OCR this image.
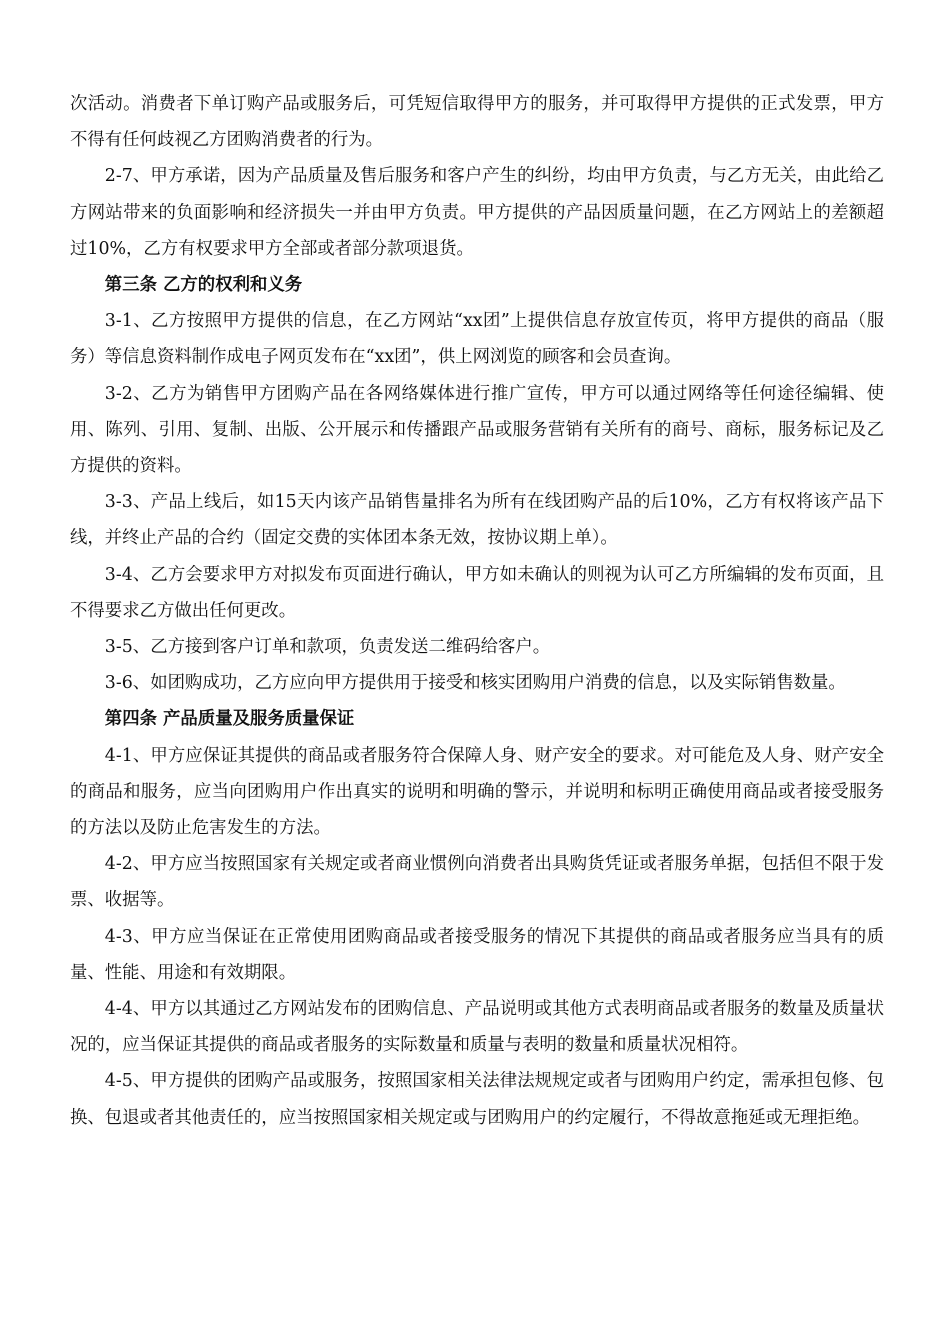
次活动。消费者下单订购产品或服务后，可凭短信取得甲方的服务，并可取得甲方提供的正式发票，甲方不得有任何歧视乙方团购消费者的行为。

2-7、甲方承诺，因为产品质量及售后服务和客户产生的纠纷，均由甲方负责，与乙方无关，由此给乙方网站带来的负面影响和经济损失一并由甲方负责。甲方提供的产品因质量问题，在乙方网站上的差额超过10%，乙方有权要求甲方全部或者部分款项退货。

第三条 乙方的权利和义务

3-1、乙方按照甲方提供的信息，在乙方网站“xx团”上提供信息存放宣传页，将甲方提供的商品（服务）等信息资料制作成电子网页发布在“xx团”，供上网浏览的顾客和会员查询。

3-2、乙方为销售甲方团购产品在各网络媒体进行推广宣传，甲方可以通过网络等任何途径编辑、使用、陈列、引用、复制、出版、公开展示和传播跟产品或服务营销有关所有的商号、商标，服务标记及乙方提供的资料。

3-3、产品上线后，如15天内该产品销售量排名为所有在线团购产品的后10%，乙方有权将该产品下线，并终止产品的合约（固定交费的实体团本条无效，按协议期上单）。

3-4、乙方会要求甲方对拟发布页面进行确认，甲方如未确认的则视为认可乙方所编辑的发布页面，且不得要求乙方做出任何更改。

3-5、乙方接到客户订单和款项，负责发送二维码给客户。

3-6、如团购成功，乙方应向甲方提供用于接受和核实团购用户消费的信息，以及实际销售数量。

第四条 产品质量及服务质量保证

4-1、甲方应保证其提供的商品或者服务符合保障人身、财产安全的要求。对可能危及人身、财产安全的商品和服务，应当向团购用户作出真实的说明和明确的警示，并说明和标明正确使用商品或者接受服务的方法以及防止危害发生的方法。

4-2、甲方应当按照国家有关规定或者商业惯例向消费者出具购货凭证或者服务单据，包括但不限于发票、收据等。

4-3、甲方应当保证在正常使用团购商品或者接受服务的情况下其提供的商品或者服务应当具有的质量、性能、用途和有效期限。

4-4、甲方以其通过乙方网站发布的团购信息、产品说明或其他方式表明商品或者服务的数量及质量状况的，应当保证其提供的商品或者服务的实际数量和质量与表明的数量和质量状况相符。

4-5、甲方提供的团购产品或服务，按照国家相关法律法规规定或者与团购用户约定，需承担包修、包换、包退或者其他责任的，应当按照国家相关规定或与团购用户的约定履行，不得故意拖延或无理拒绝。
